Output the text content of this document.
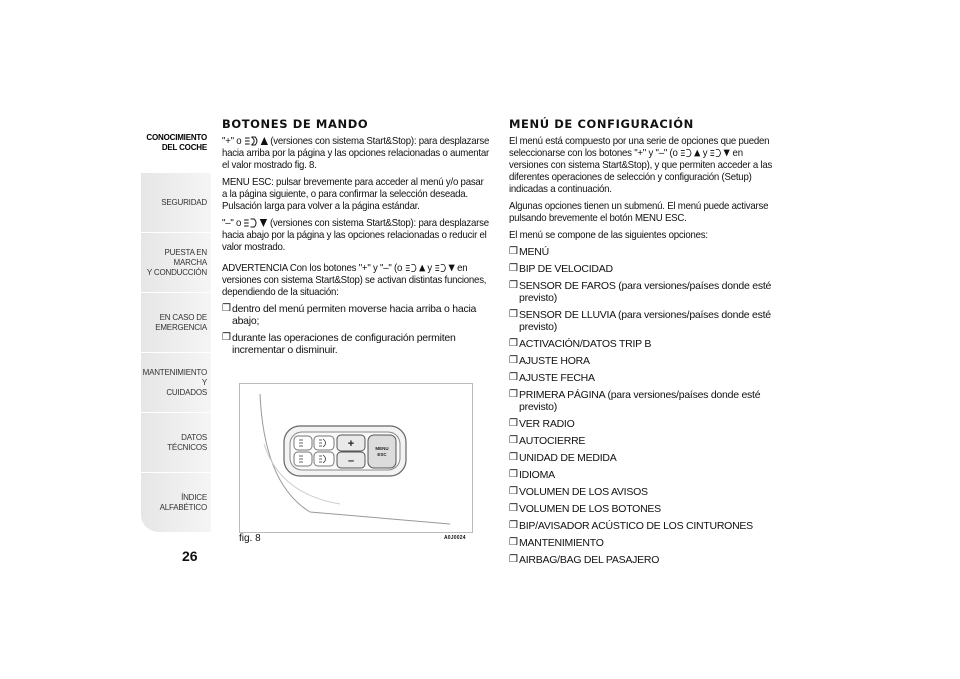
CONOCIMIENTO
DEL COCHE
SEGURIDAD
PUESTA EN MARCHA
Y CONDUCCIÓN
EN CASO DE
EMERGENCIA
MANTENIMIENTO Y
CUIDADOS
DATOS TÉCNICOS
ÍNDICE ALFABÉTICO
26
BOTONES DE MANDO

"+" o  (versiones con sistema Start&Stop): para desplazarse hacia arriba por la página y las opciones relacionadas o aumentar el valor mostrado fig. 8.

MENU ESC: pulsar brevemente para acceder al menú y/o pasar a la página siguiente, o para confirmar la selección deseada. Pulsación larga para volver a la página estándar.

"–" o  (versiones con sistema Start&Stop): para desplazarse hacia abajo por la página y las opciones relacionadas o reducir el valor mostrado.

ADVERTENCIA Con los botones "+" y "–" (o  y  en versiones con sistema Start&Stop) se activan distintas funciones, dependiendo de la situación:

❒ dentro del menú permiten moverse hacia arriba o hacia abajo;
❒ durante las operaciones de configuración permiten incrementar o disminuir.
+
–
MENU
ESC
fig. 8	A0J0024
MENÚ DE CONFIGURACIÓN

El menú está compuesto por una serie de opciones que pueden seleccionarse con los botones "+" y "–" (o  y  en versiones con sistema Start&Stop), y que permiten acceder a las diferentes operaciones de selección y configuración (Setup) indicadas a continuación.

Algunas opciones tienen un submenú. El menú puede activarse pulsando brevemente el botón MENU ESC.

El menú se compone de las siguientes opciones:

❒ MENÚ
❒ BIP DE VELOCIDAD
❒ SENSOR DE FAROS (para versiones/países donde esté previsto)
❒ SENSOR DE LLUVIA (para versiones/países donde esté previsto)
❒ ACTIVACIÓN/DATOS TRIP B
❒ AJUSTE HORA
❒ AJUSTE FECHA
❒ PRIMERA PÁGINA (para versiones/países donde esté previsto)
❒ VER RADIO
❒ AUTOCIERRE
❒ UNIDAD DE MEDIDA
❒ IDIOMA
❒ VOLUMEN DE LOS AVISOS
❒ VOLUMEN DE LOS BOTONES
❒ BIP/AVISADOR ACÚSTICO DE LOS CINTURONES
❒ MANTENIMIENTO
❒ AIRBAG/BAG DEL PASAJERO
